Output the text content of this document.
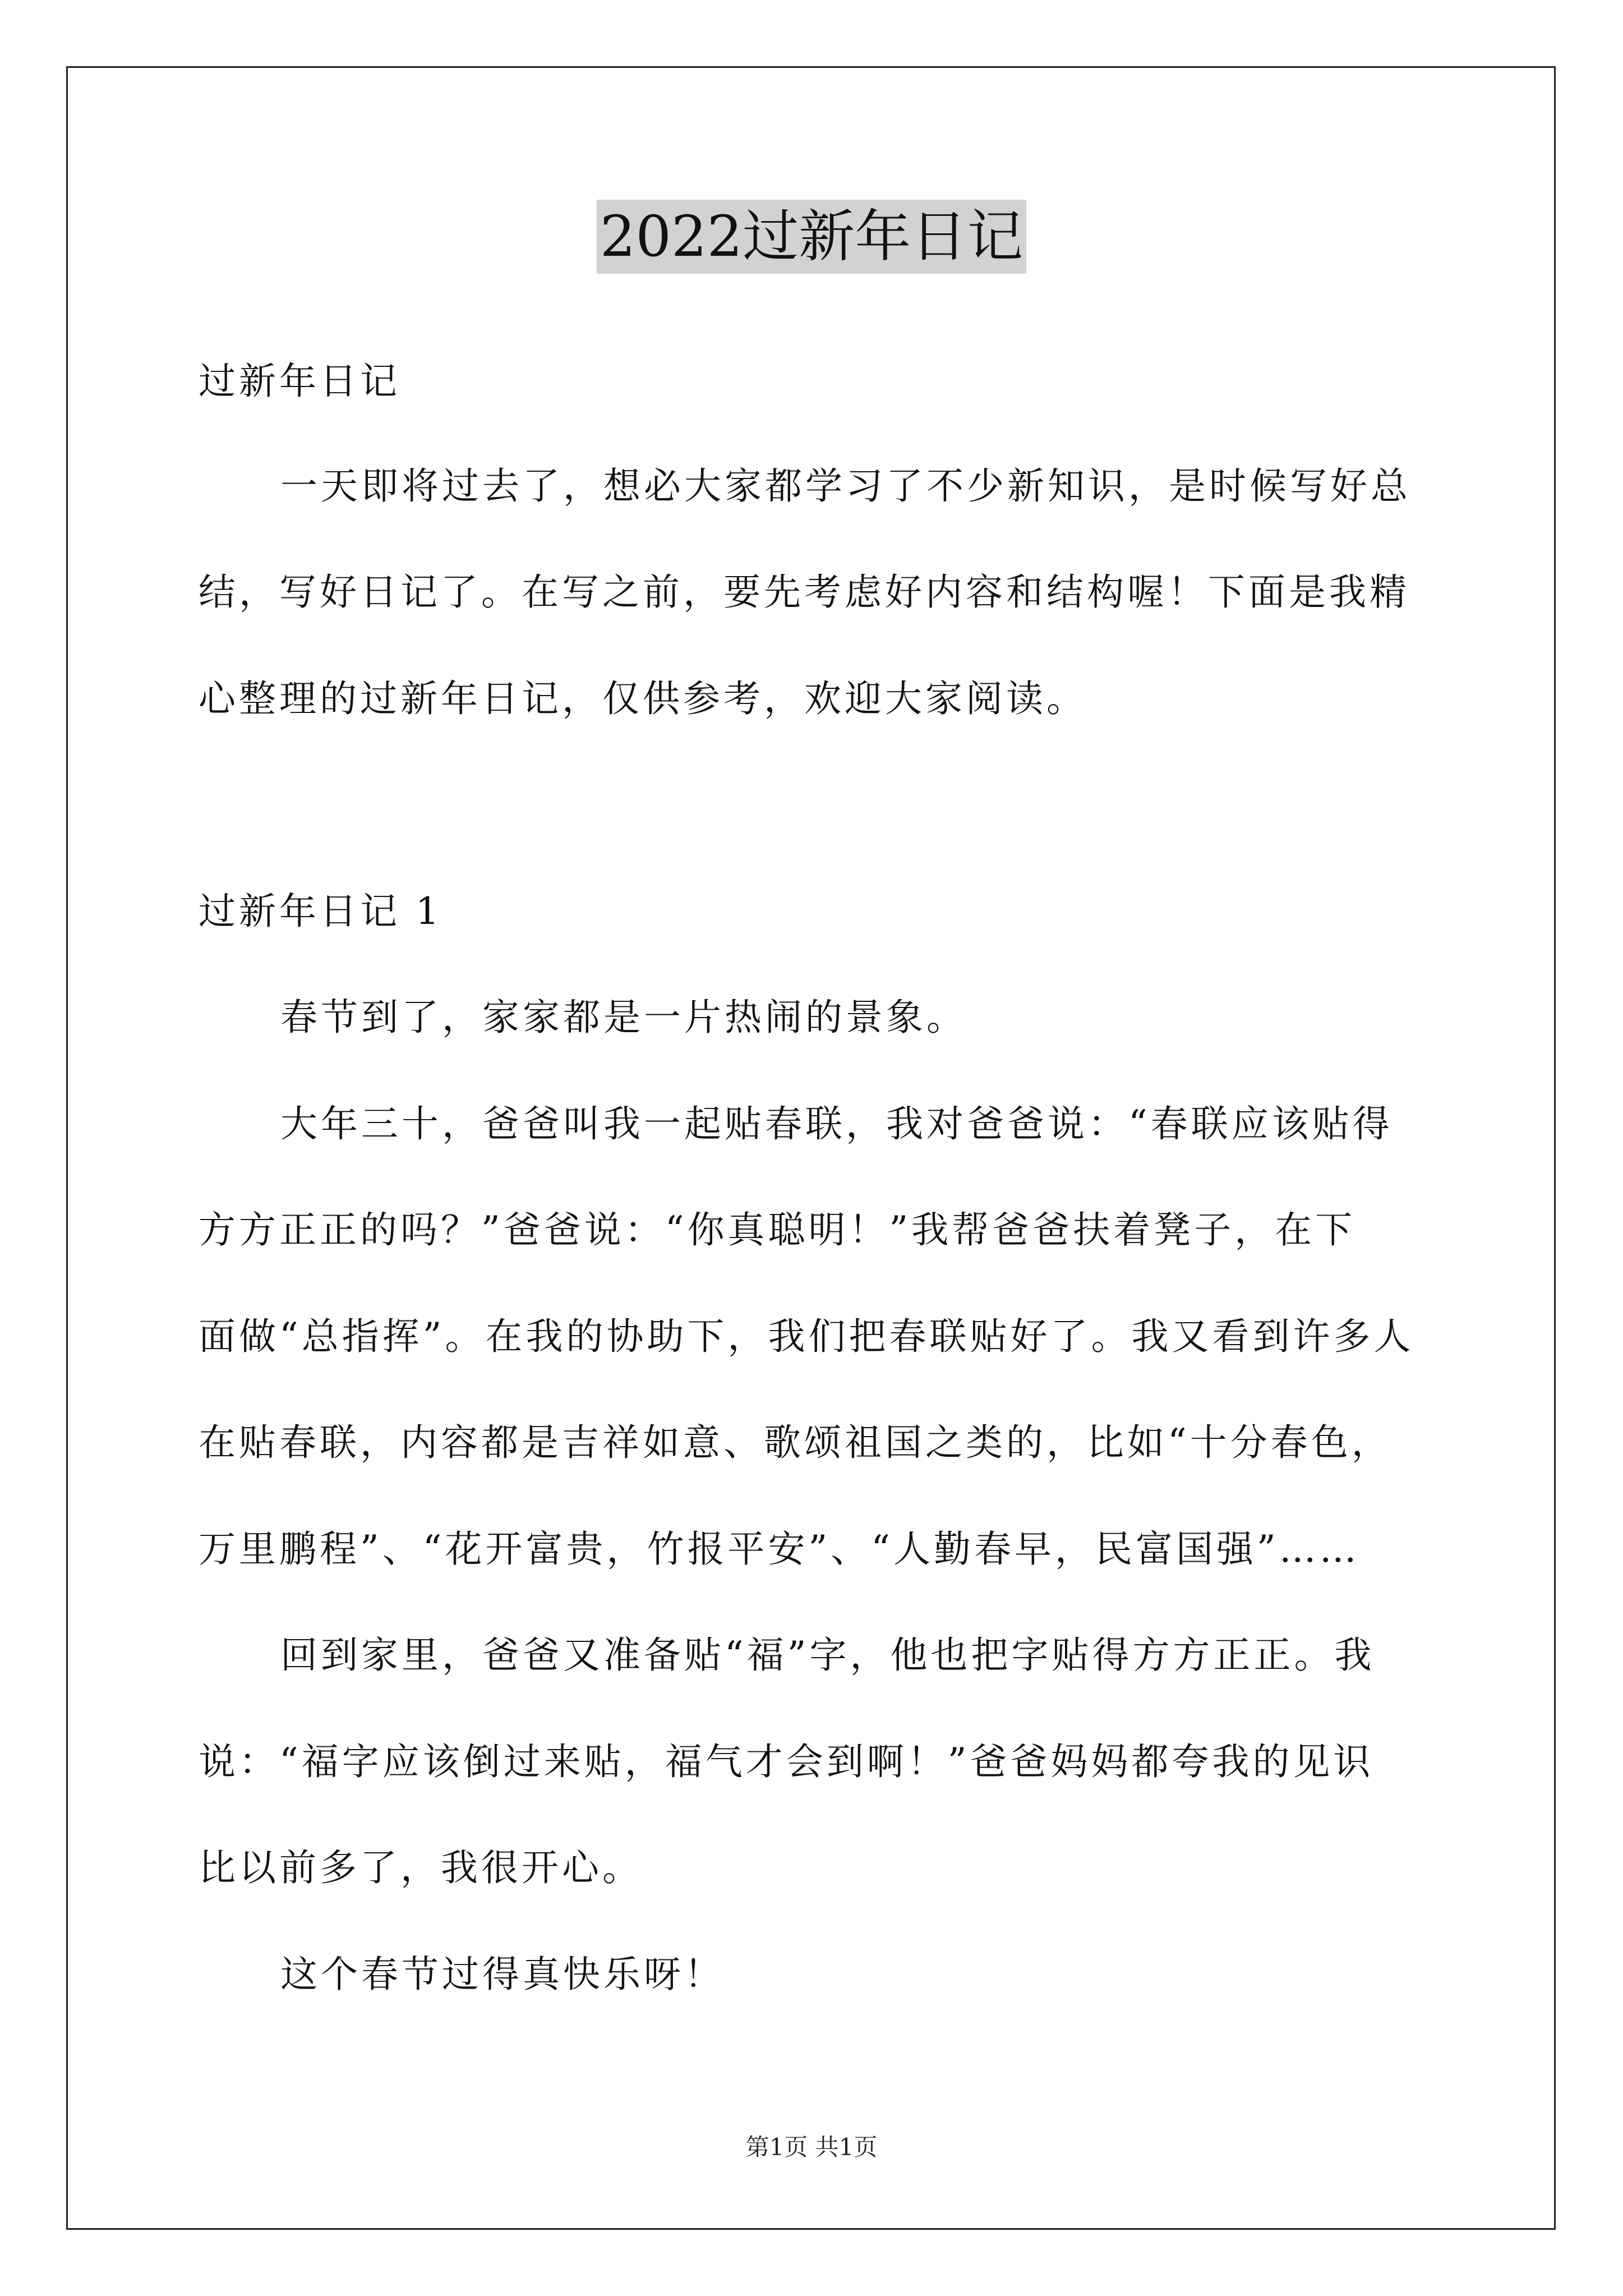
2022过新年日记
过新年日记
一天即将过去了，想必大家都学习了不少新知识，是时候写好总
结，写好日记了。在写之前，要先考虑好内容和结构喔！下面是我精
心整理的过新年日记，仅供参考，欢迎大家阅读。
过新年日记 1
春节到了，家家都是一片热闹的景象。
大年三十，爸爸叫我一起贴春联，我对爸爸说：“春联应该贴得
方方正正的吗？”爸爸说：“你真聪明！”我帮爸爸扶着凳子，在下
面做“总指挥”。在我的协助下，我们把春联贴好了。我又看到许多人
在贴春联，内容都是吉祥如意、歌颂祖国之类的，比如“十分春色，
万里鹏程”、“花开富贵，竹报平安”、“人勤春早，民富国强”……
回到家里，爸爸又准备贴“福”字，他也把字贴得方方正正。我
说：“福字应该倒过来贴，福气才会到啊！”爸爸妈妈都夸我的见识
比以前多了，我很开心。
这个春节过得真快乐呀！
第1页 共1页
